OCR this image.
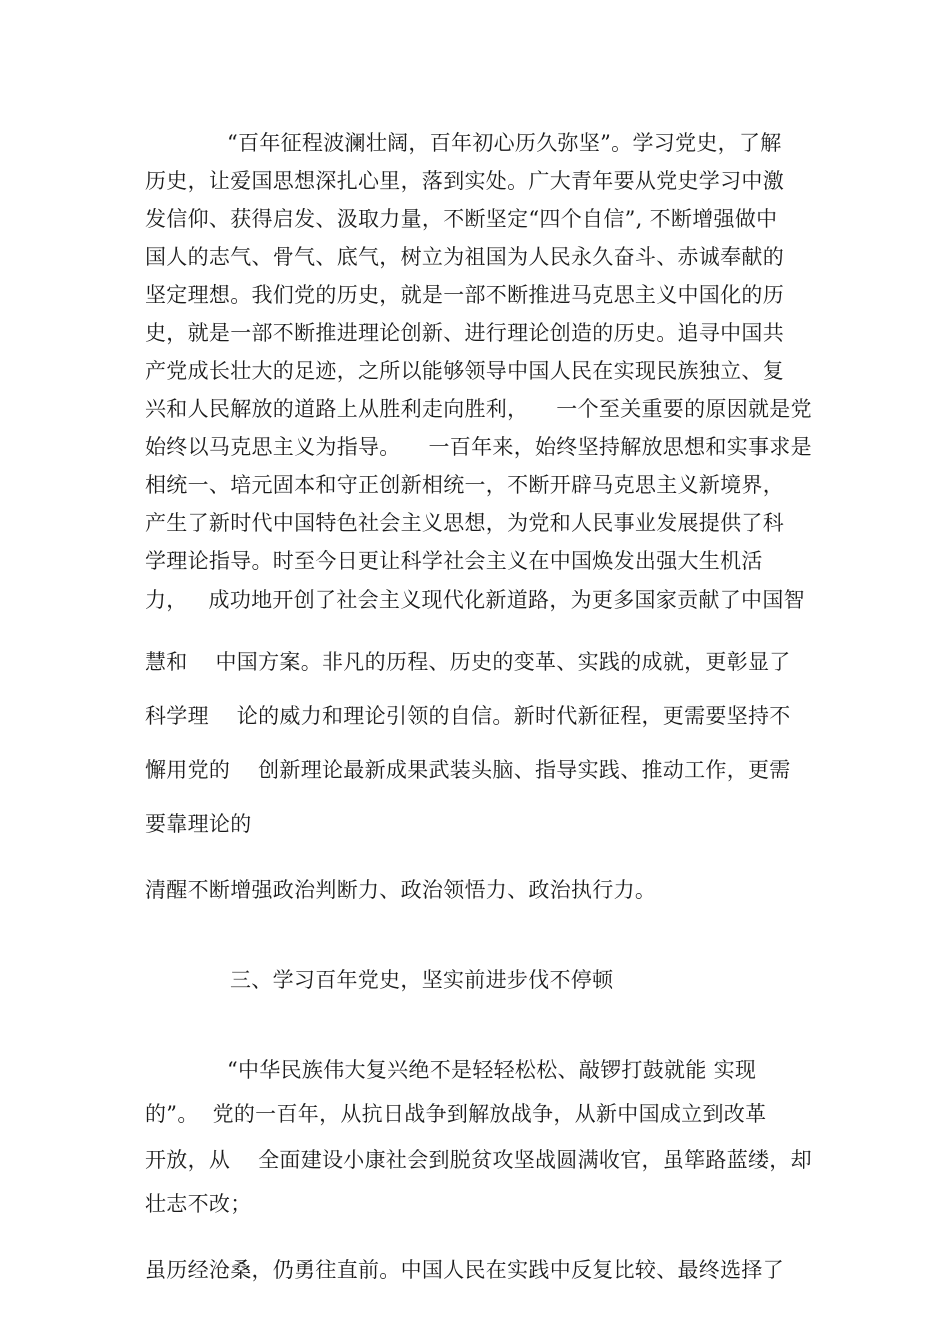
“百年征程波澜壮阔，百年初心历久弥坚”。学习党史，了解
历史，让爱国思想深扎心里，落到实处。广大青年要从党史学习中激
发信仰、获得启发、汲取力量，不断坚定“四个自信”, 不断增强做中
国人的志气、骨气、底气，树立为祖国为人民永久奋斗、赤诚奉献的
坚定理想。我们党的历史，就是一部不断推进马克思主义中国化的历
史，就是一部不断推进理论创新、进行理论创造的历史。追寻中国共
产党成长壮大的足迹，之所以能够领导中国人民在实现民族独立、复
兴和人民解放的道路上从胜利走向胜利，    一个至关重要的原因就是党
始终以马克思主义为指导。    一百年来，始终坚持解放思想和实事求是
相统一、培元固本和守正创新相统一，不断开辟马克思主义新境界，
产生了新时代中国特色社会主义思想，为党和人民事业发展提供了科
学理论指导。时至今日更让科学社会主义在中国焕发出强大生机活
力，   成功地开创了社会主义现代化新道路，为更多国家贡献了中国智
慧和    中国方案。非凡的历程、历史的变革、实践的成就，更彰显了
科学理    论的威力和理论引领的自信。新时代新征程，更需要坚持不
懈用党的    创新理论最新成果武装头脑、指导实践、推动工作，更需
要靠理论的
清醒不断增强政治判断力、政治领悟力、政治执行力。
三、学习百年党史，坚实前进步伐不停顿
“中华民族伟大复兴绝不是轻轻松松、敲锣打鼓就能 实现
的”。  党的一百年，从抗日战争到解放战争，从新中国成立到改革
开放，从    全面建设小康社会到脱贫攻坚战圆满收官，虽筚路蓝缕，却
壮志不改；
虽历经沧桑，仍勇往直前。中国人民在实践中反复比较、最终选择了
